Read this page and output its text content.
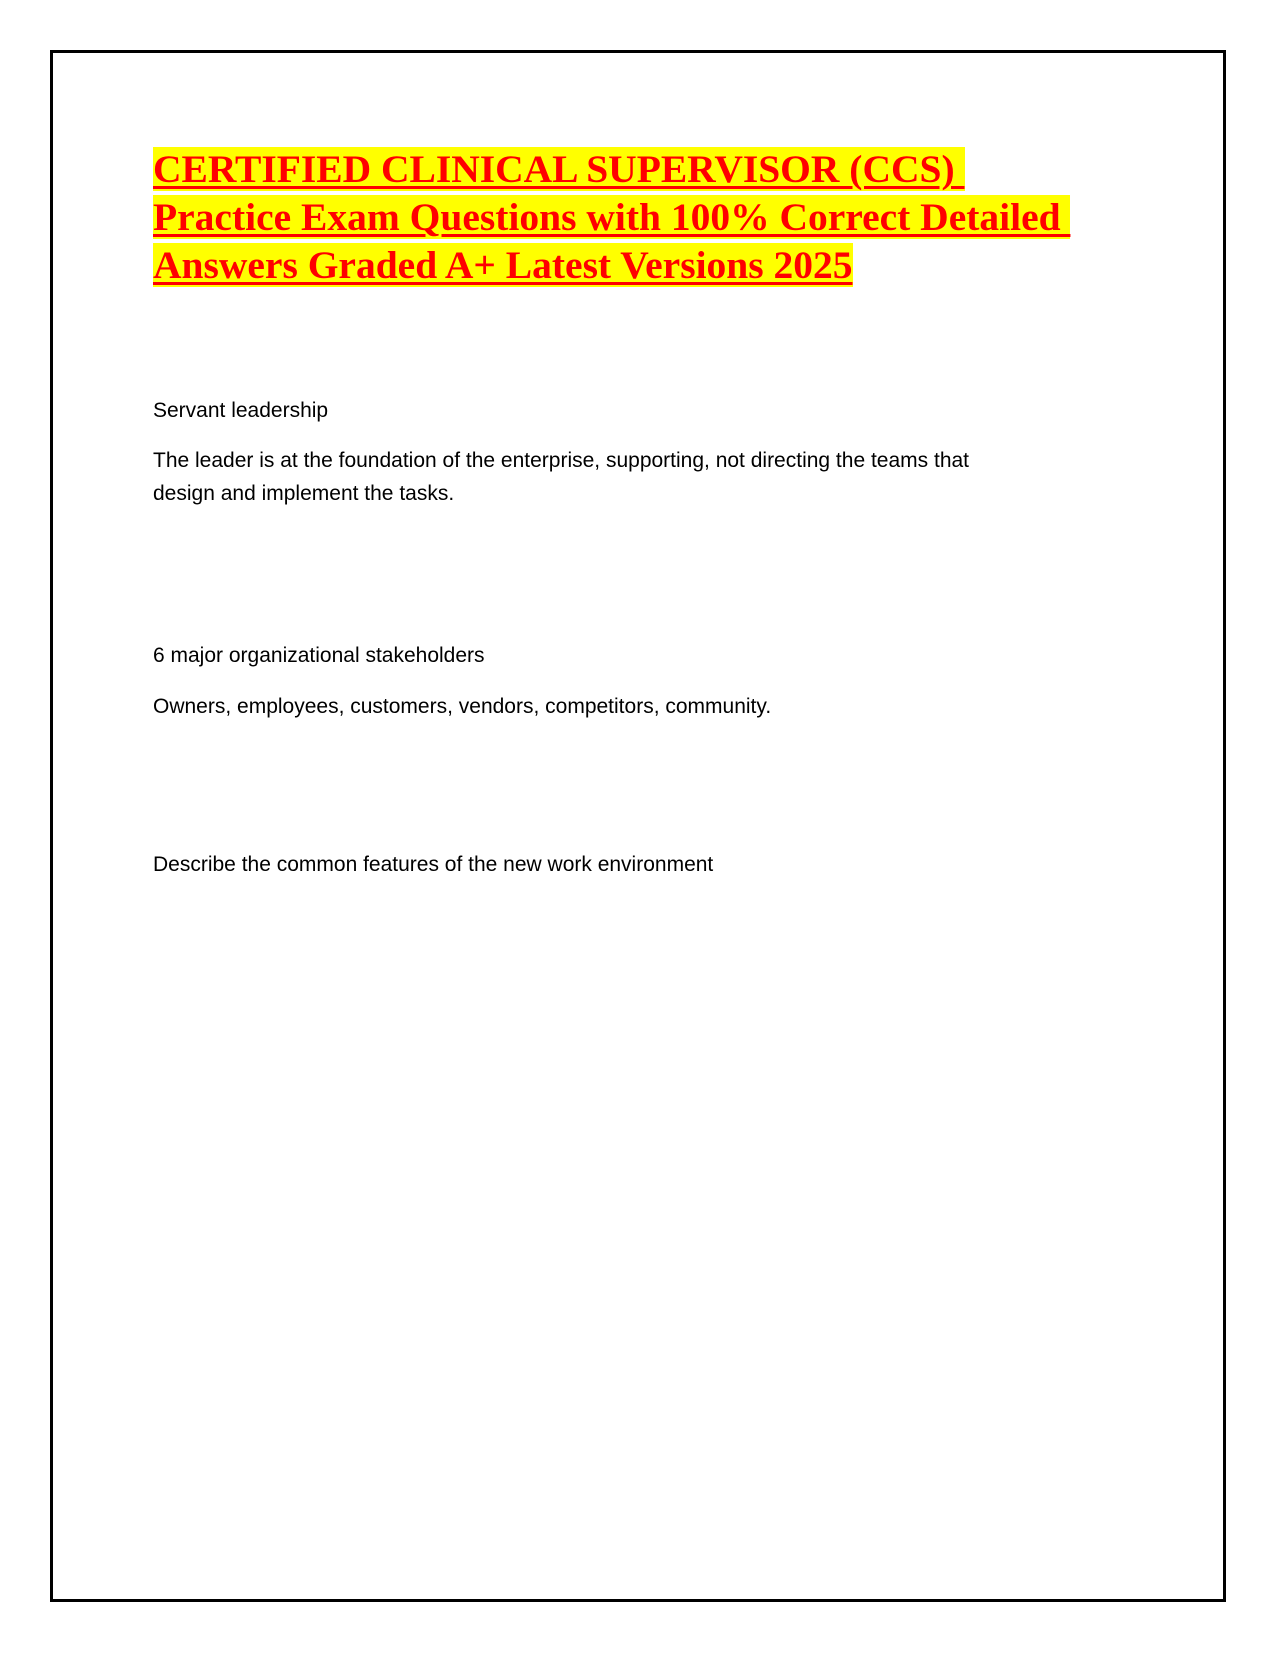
CERTIFIED CLINICAL SUPERVISOR (CCS)
Practice Exam Questions with 100% Correct Detailed
Answers Graded A+ Latest Versions 2025

Servant leadership

The leader is at the foundation of the enterprise, supporting, not directing the teams that

design and implement the tasks.

6 major organizational stakeholders

Owners, employees, customers, vendors, competitors, community.

Describe the common features of the new work environment
